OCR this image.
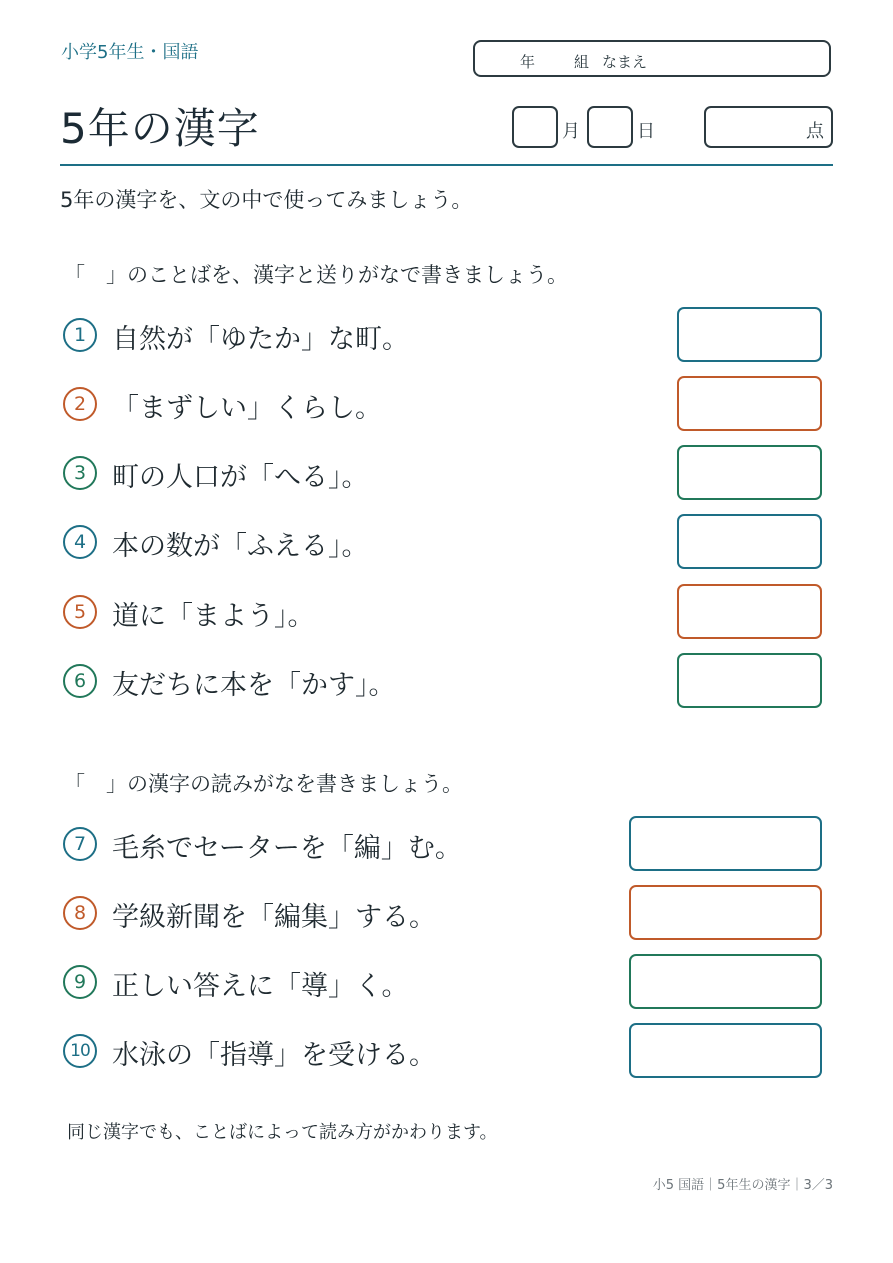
小学5年生・国語	年	組 なまえ
5年の漢字	月	日	点
5年の漢字を、文の中で使ってみましょう。
「　」のことばを、漢字と送りがなで書きましょう。
1 自然が「ゆたか」な町。
2 「まずしい」くらし。
3 町の人口が「へる」。
4 本の数が「ふえる」。
5 道に「まよう」。
6 友だちに本を「かす」。
「　」の漢字の読みがなを書きましょう。
7 毛糸でセーターを「編」む。
8 学級新聞を「編集」する。
9 正しい答えに「導」く。
10 水泳の「指導」を受ける。
同じ漢字でも、ことばによって読み方がかわります。
小5 国語｜5年生の漢字｜3／3
